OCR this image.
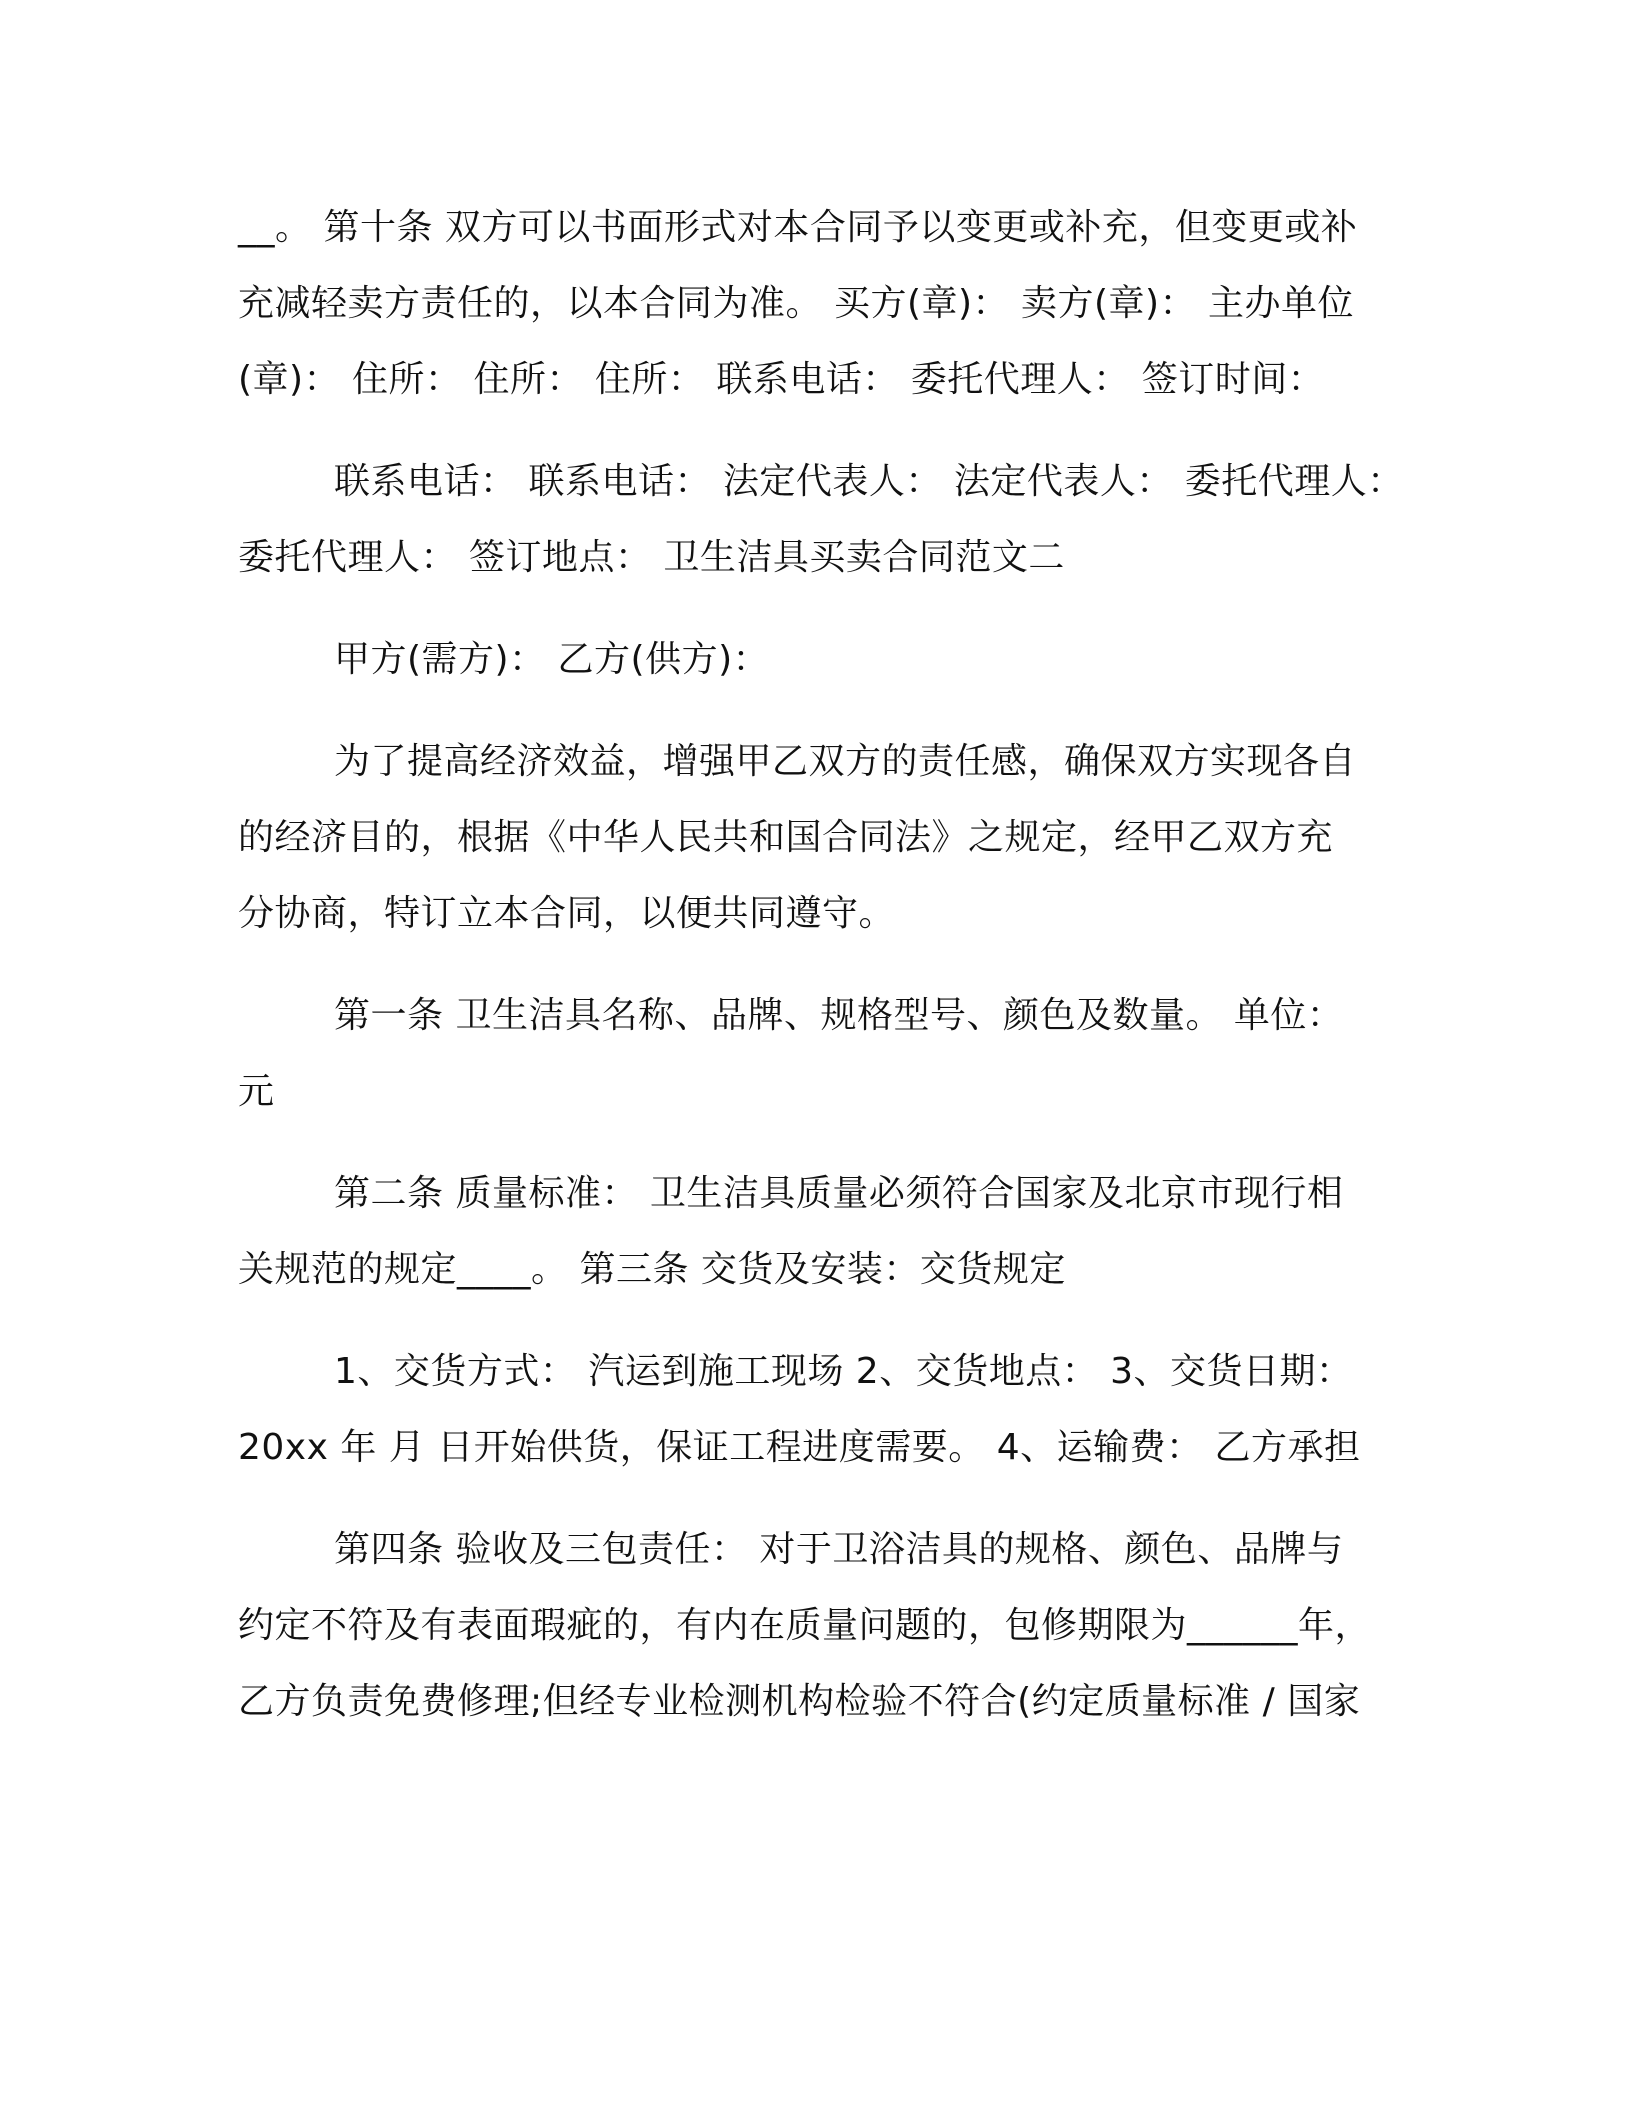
__。 第十条 双方可以书面形式对本合同予以变更或补充，但变更或补
充减轻卖方责任的，以本合同为准。 买方(章)： 卖方(章)： 主办单位
(章)： 住所： 住所： 住所： 联系电话： 委托代理人： 签订时间：

联系电话： 联系电话： 法定代表人： 法定代表人： 委托代理人：
委托代理人： 签订地点： 卫生洁具买卖合同范文二

甲方(需方)： 乙方(供方)：

为了提高经济效益，增强甲乙双方的责任感，确保双方实现各自
的经济目的，根据《中华人民共和国合同法》之规定，经甲乙双方充
分协商，特订立本合同，以便共同遵守。

第一条 卫生洁具名称、品牌、规格型号、颜色及数量。 单位：
元

第二条 质量标准： 卫生洁具质量必须符合国家及北京市现行相
关规范的规定____。 第三条 交货及安装：交货规定

1、交货方式： 汽运到施工现场 2、交货地点： 3、交货日期：
20xx 年 月 日开始供货，保证工程进度需要。 4、运输费： 乙方承担

第四条 验收及三包责任： 对于卫浴洁具的规格、颜色、品牌与
约定不符及有表面瑕疵的，有内在质量问题的，包修期限为______年，
乙方负责免费修理;但经专业检测机构检验不符合(约定质量标准 / 国家
